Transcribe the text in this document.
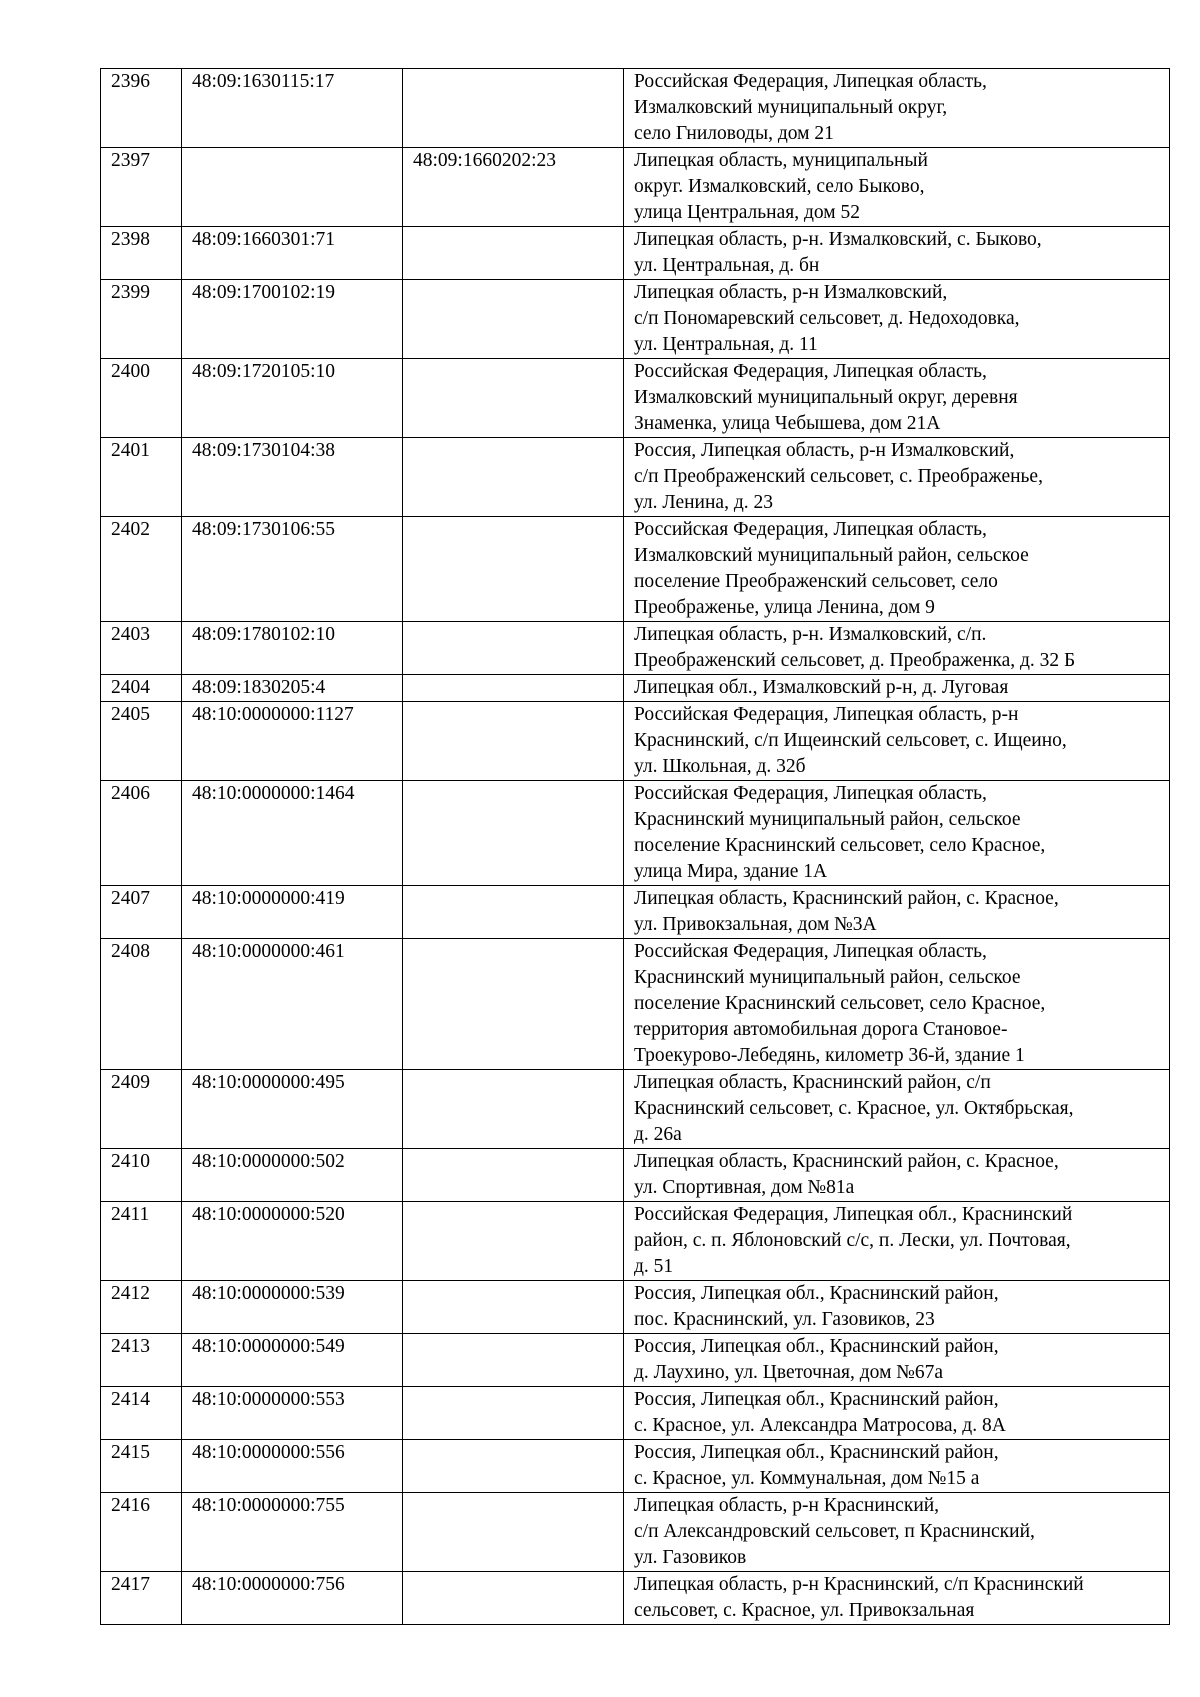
2396	48:09:1630115:17		Российская Федерация, Липецкая область,
Измалковский муниципальный округ,
село Гниловоды, дом 21
2397		48:09:1660202:23	Липецкая область, муниципальный
округ. Измалковский, село Быково,
улица Центральная, дом 52
2398	48:09:1660301:71		Липецкая область, р-н. Измалковский, с. Быково,
ул. Центральная, д. бн
2399	48:09:1700102:19		Липецкая область, р-н Измалковский,
с/п Пономаревский сельсовет, д. Недоходовка,
ул. Центральная, д. 11
2400	48:09:1720105:10		Российская Федерация, Липецкая область,
Измалковский муниципальный округ, деревня
Знаменка, улица Чебышева, дом 21А
2401	48:09:1730104:38		Россия, Липецкая область, р-н Измалковский,
с/п Преображенский сельсовет, с. Преображенье,
ул. Ленина, д. 23
2402	48:09:1730106:55		Российская Федерация, Липецкая область,
Измалковский муниципальный район, сельское
поселение Преображенский сельсовет, село
Преображенье, улица Ленина, дом 9
2403	48:09:1780102:10		Липецкая область, р-н. Измалковский, с/п.
Преображенский сельсовет, д. Преображенка, д. 32 Б
2404	48:09:1830205:4		Липецкая обл., Измалковский р-н, д. Луговая
2405	48:10:0000000:1127		Российская Федерация, Липецкая область, р-н
Краснинский, с/п Ищеинский сельсовет, с. Ищеино,
ул. Школьная, д. 32б
2406	48:10:0000000:1464		Российская Федерация, Липецкая область,
Краснинский муниципальный район, сельское
поселение Краснинский сельсовет, село Красное,
улица Мира, здание 1А
2407	48:10:0000000:419		Липецкая область, Краснинский район, с. Красное,
ул. Привокзальная, дом №3А
2408	48:10:0000000:461		Российская Федерация, Липецкая область,
Краснинский муниципальный район, сельское
поселение Краснинский сельсовет, село Красное,
территория автомобильная дорога Становое-
Троекурово-Лебедянь, километр 36-й, здание 1
2409	48:10:0000000:495		Липецкая область, Краснинский район, с/п
Краснинский сельсовет, с. Красное, ул. Октябрьская,
д. 26а
2410	48:10:0000000:502		Липецкая область, Краснинский район, с. Красное,
ул. Спортивная, дом №81а
2411	48:10:0000000:520		Российская Федерация, Липецкая обл., Краснинский
район, с. п. Яблоновский с/с, п. Лески, ул. Почтовая,
д. 51
2412	48:10:0000000:539		Россия, Липецкая обл., Краснинский район,
пос. Краснинский, ул. Газовиков, 23
2413	48:10:0000000:549		Россия, Липецкая обл., Краснинский район,
д. Лаухино, ул. Цветочная, дом №67а
2414	48:10:0000000:553		Россия, Липецкая обл., Краснинский район,
с. Красное, ул. Александра Матросова, д. 8А
2415	48:10:0000000:556		Россия, Липецкая обл., Краснинский район,
с. Красное, ул. Коммунальная, дом №15 а
2416	48:10:0000000:755		Липецкая область, р-н Краснинский,
с/п Александровский сельсовет, п Краснинский,
ул. Газовиков
2417	48:10:0000000:756		Липецкая область, р-н Краснинский, с/п Краснинский
сельсовет, с. Красное, ул. Привокзальная
